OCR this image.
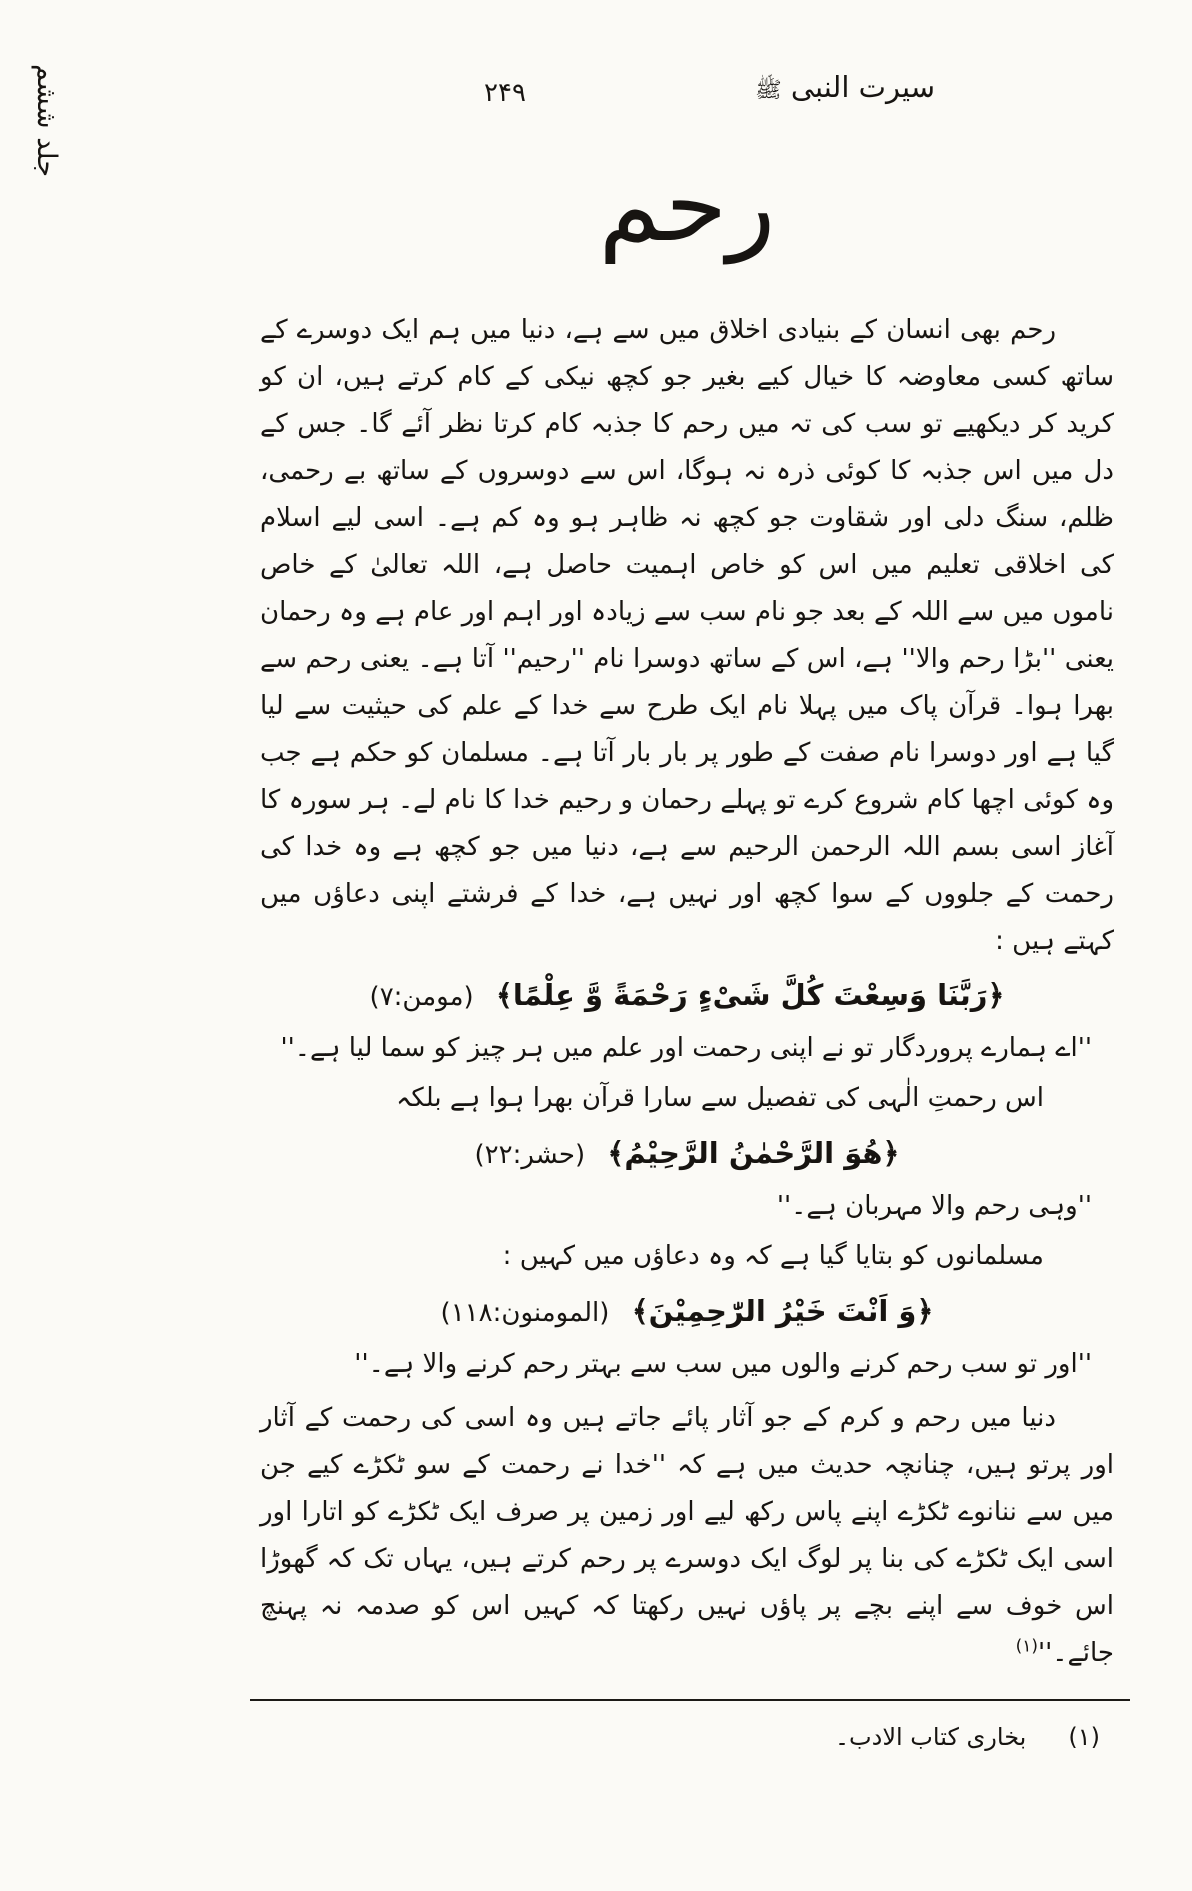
سیرت النبی ﷺ
۲۴۹
جلد ششم
رحم

رحم بھی انسان کے بنیادی اخلاق میں سے ہے، دنیا میں ہم ایک دوسرے کے ساتھ کسی معاوضہ کا خیال کیے بغیر جو کچھ نیکی کے کام کرتے ہیں، ان کو کرید کر دیکھیے تو سب کی تہ میں رحم کا جذبہ کام کرتا نظر آئے گا۔ جس کے دل میں اس جذبہ کا کوئی ذرہ نہ ہوگا، اس سے دوسروں کے ساتھ بے رحمی، ظلم، سنگ دلی اور شقاوت جو کچھ نہ ظاہر ہو وہ کم ہے۔ اسی لیے اسلام کی اخلاقی تعلیم میں اس کو خاص اہمیت حاصل ہے، اللہ تعالیٰ کے خاص ناموں میں سے اللہ کے بعد جو نام سب سے زیادہ اور اہم اور عام ہے وہ رحمان یعنی ''بڑا رحم والا'' ہے، اس کے ساتھ دوسرا نام ''رحیم'' آتا ہے۔ یعنی رحم سے بھرا ہوا۔ قرآن پاک میں پہلا نام ایک طرح سے خدا کے علم کی حیثیت سے لیا گیا ہے اور دوسرا نام صفت کے طور پر بار بار آتا ہے۔ مسلمان کو حکم ہے جب وہ کوئی اچھا کام شروع کرے تو پہلے رحمان و رحیم خدا کا نام لے۔ ہر سورہ کا آغاز اسی بسم اللہ الرحمن الرحیم سے ہے، دنیا میں جو کچھ ہے وہ خدا کی رحمت کے جلووں کے سوا کچھ اور نہیں ہے، خدا کے فرشتے اپنی دعاؤں میں کہتے ہیں :

﴿رَبَّنَا وَسِعْتَ كُلَّ شَیْءٍ رَحْمَةً وَّ عِلْمًا﴾ (مومن:۷)

''اے ہمارے پروردگار تو نے اپنی رحمت اور علم میں ہر چیز کو سما لیا ہے۔''

اس رحمتِ الٰہی کی تفصیل سے سارا قرآن بھرا ہوا ہے بلکہ

﴿هُوَ الرَّحْمٰنُ الرَّحِيْمُ﴾ (حشر:۲۲)

''وہی رحم والا مہربان ہے۔''

مسلمانوں کو بتایا گیا ہے کہ وہ دعاؤں میں کہیں :

﴿وَ اَنْتَ خَيْرُ الرّٰحِمِيْنَ﴾ (المومنون:۱۱۸)

''اور تو سب رحم کرنے والوں میں سب سے بہتر رحم کرنے والا ہے۔''

دنیا میں رحم و کرم کے جو آثار پائے جاتے ہیں وہ اسی کی رحمت کے آثار اور پرتو ہیں، چنانچہ حدیث میں ہے کہ ''خدا نے رحمت کے سو ٹکڑے کیے جن میں سے ننانوے ٹکڑے اپنے پاس رکھ لیے اور زمین پر صرف ایک ٹکڑے کو اتارا اور اسی ایک ٹکڑے کی بنا پر لوگ ایک دوسرے پر رحم کرتے ہیں، یہاں تک کہ گھوڑا اس خوف سے اپنے بچے پر پاؤں نہیں رکھتا کہ کہیں اس کو صدمہ نہ پہنچ جائے۔''$^{(۱)}$

(۱)بخاری کتاب الادب۔
